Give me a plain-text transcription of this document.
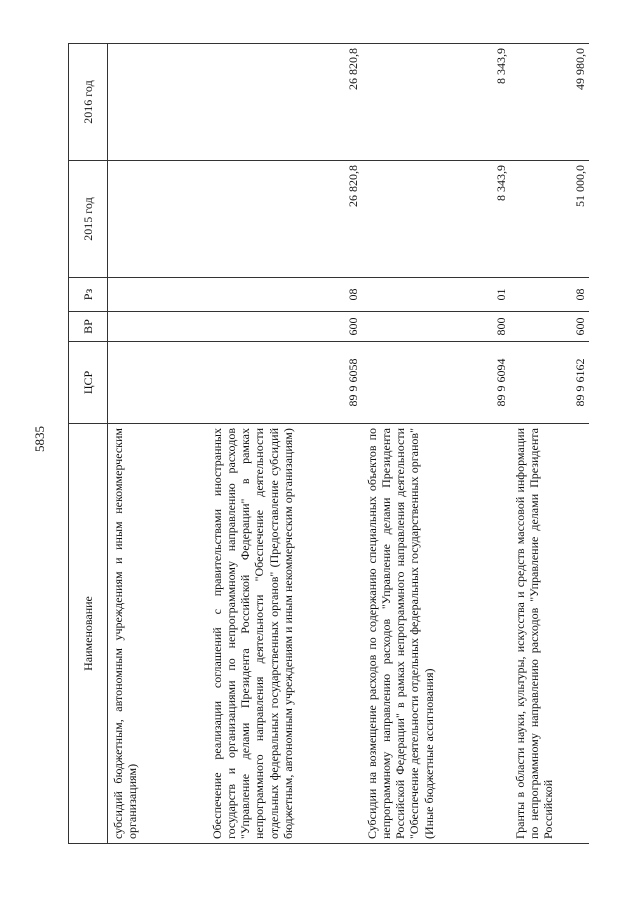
5835
Наименование	ЦСР	ВР	Рз	2015 год	2016 год
субсидий бюджетным, автономным учреждениям и иным некоммерческим организациям)					
Обеспечение реализации соглашений с правительствами иностранных государств и организациями по непрограммному направлению расходов "Управление делами Президента Российской Федерации" в рамках непрограммного направления деятельности "Обеспечение деятельности отдельных федеральных государственных органов" (Предоставление субсидий бюджетным, автономным учреждениям и иным некоммерческим организациям)	89 9 6058	600	08	26 820,8	26 820,8
Субсидии на возмещение расходов по содержанию специальных объектов по непрограммному направлению расходов "Управление делами Президента Российской Федерации" в рамках непрограммного направления деятельности "Обеспечение деятельности отдельных федеральных государственных органов" (Иные бюджетные ассигнования)	89 9 6094	800	01	8 343,9	8 343,9
Гранты в области науки, культуры, искусства и средств массовой информации по непрограммному направлению расходов "Управление делами Президента Российской	89 9 6162	600	08	51 000,0	49 980,0
